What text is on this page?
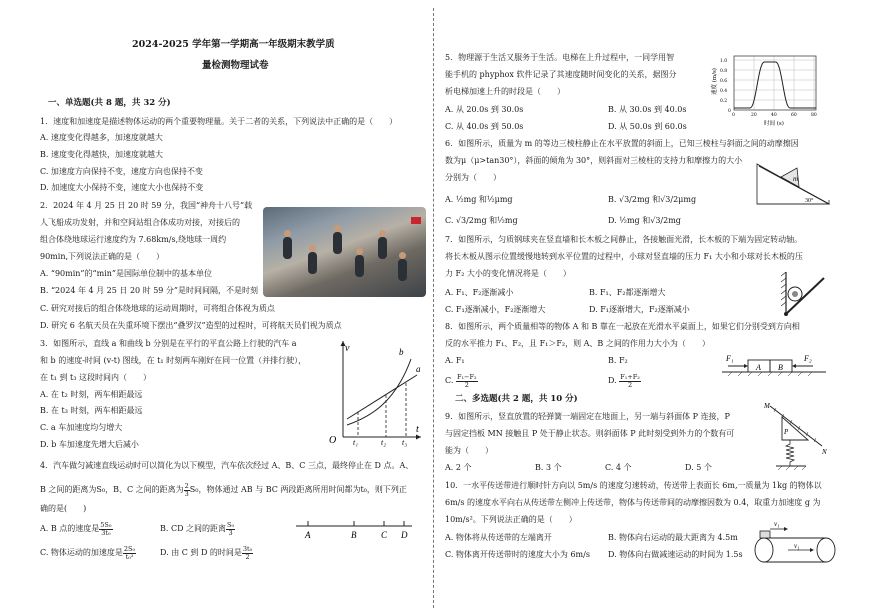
2024-2025 学年第一学期高一年级期末教学质
量检测物理试卷
一、单选题(共 8 题，共 32 分)
1．速度和加速度是描述物体运动的两个重要物理量。关于二者的关系，下列说法中正确的是（　　）
A. 速度变化得越多，加速度就越大
B. 速度变化得越快，加速度就越大
C. 加速度方向保持不变，速度方向也保持不变
D. 加速度大小保持不变，速度大小也保持不变
2．2024 年 4 月 25 日 20 时 59 分，我国“神舟十八号”载
人飞船成功发射，并和空间站组合体成功对接，对接后的
组合体绕地球运行速度约为 7.68km/s,绕地球一周约
90min,下列说法正确的是（　　）
A. “90min”的“min”是国际单位制中的基本单位
B. “2024 年 4 月 25 日 20 时 59 分”是时间间隔，不是时刻
C. 研究对接后的组合体绕地球的运动周期时，可将组合体视为质点
D. 研究 6 名航天员在失重环境下摆出“叠罗汉”造型的过程时，可将航天员们视为质点
3．如图所示，直线 a 和曲线 b 分别是在平行的平直公路上行驶的汽车 a
和 b 的速度-时间 (v-t) 图线，在 t₁ 时刻两车刚好在同一位置（并排行驶），
在 t₁ 到 t₃ 这段时间内（　　）
A. 在 t₂ 时刻，两车相距最远
B. 在 t₃ 时刻，两车相距最远
C. a 车加速度均匀增大
D. b 车加速度先增大后减小
4．汽车做匀减速直线运动时可以简化为以下模型，汽车依次经过 A、B、C 三点，最终停止在 D 点。A、
B 之间的距离为S₀，B、C 之间的距离为 $\frac{2}{3} S_0$，物体通过 AB 与 BC 两段距离所用时间都为t₀，则下列正
确的是(　　)
A. B 点的速度是 $\frac{\text{5S₀}}{\text{3t₀}}$	B. CD 之间的距离 $\frac{\text{S₀}}{3}$
C. 物体运动的加速度是 $\frac{\text{2S₀}}{\text{t₀²}}$	D. 由 C 到 D 的时间是 $\frac{\text{3t₀}}{2}$
v
t
O
b
a
t₁	t₂ t₃
A	B	C D
5．物理源于生活又服务于生活。电梯在上升过程中，一同学用智
能手机的 phyphox 软件记录了其速度随时间变化的关系，据图分
析电梯加速上升的时段是（　　）
A. 从 20.0s 到 30.0s	B. 从 30.0s 到 40.0s
C. 从 40.0s 到 50.0s	D. 从 50.0s 到 60.0s
6．如图所示，质量为 m 的等边三棱柱静止在水平放置的斜面上，已知三棱柱与斜面之间的动摩擦因
数为μ（μ>tan30°），斜面的倾角为 30°，则斜面对三棱柱的支持力和摩擦力的大小
分别为（　　）
A. ½mg 和½μmg	B. √3/2mg 和√3/2μmg
C. √3/2mg 和½mg	D. ½mg 和√3/2mg
7．如图所示，匀质钢球夹在竖直墙和长木板之间静止，各接触面光滑，长木板的下端为固定转动轴。
将长木板从图示位置缓慢地转到水平位置的过程中，小球对竖直墙的压力 F₁ 大小和小球对长木板的压
力 F₂ 大小的变化情况将是（　　）
A. F₁、F₂逐渐减小	B. F₁、F₂都逐渐增大
C. F₁逐渐减小，F₂逐渐增大	D. F₁逐渐增大，F₂逐渐减小
8．如图所示，两个质量相等的物体 A 和 B 靠在一起放在光滑水平桌面上，如果它们分别受到方向相
反的水平推力 F₁、F₂，且 F₁＞F₂，则 A、B 之间的作用力大小为（　　）
A. F₁	B. F₂
C. $\frac{\text{F₁−F₂}}{2}$	D. $\frac{\text{F₁+F₂}}{2}$
二、多选题(共 2 题，共 10 分)
9．如图所示，竖直放置的轻弹簧一端固定在地面上，另一端与斜面体 P 连接，P
与固定挡板 MN 接触且 P 处于静止状态。则斜面体 P 此时刻受到外力的个数有可
能为（　　）
A. 2 个	B. 3 个	C. 4 个	D. 5 个
10．一水平传送带进行顺时针方向以 5m/s 的速度匀速转动，传送带上表面长 6m,一质量为 1kg 的物体以
6m/s 的速度水平向右从传送带左侧冲上传送带，物体与传送带间的动摩擦因数为 0.4，取重力加速度 g 为
10m/s²。下列说法正确的是（　　）
A. 物体将从传送带的左端离开	B. 物体向右运动的最大距离为 4.5m
C. 物体离开传送带时的速度大小为 6m/s D. 物体向右做减速运动的时间为 1.5s
1.0
0.8
0.6
0.4
0.2
0
0	20	40	60	80
时间 (s)
速度 (m/s)
m
30°
F₁
A B
F₂
M
N
P
v₁
v₁
